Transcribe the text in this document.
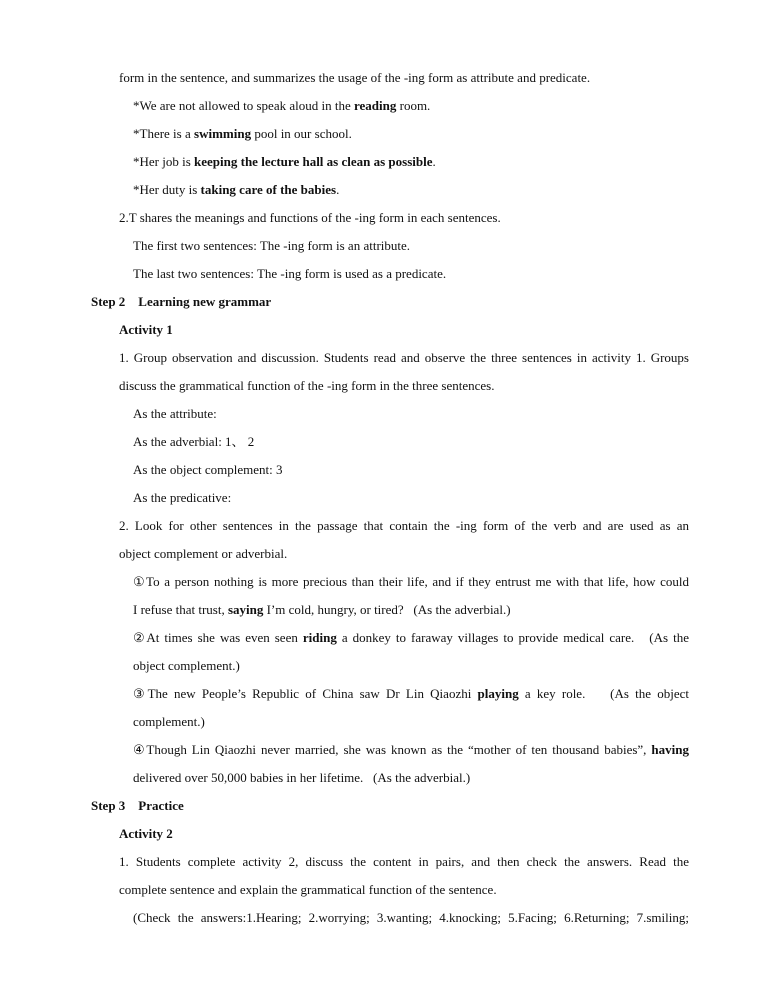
form in the sentence, and summarizes the usage of the -ing form as attribute and predicate.
*We are not allowed to speak aloud in the reading room.
*There is a swimming pool in our school.
*Her job is keeping the lecture hall as clean as possible.
*Her duty is taking care of the babies.
2.T shares the meanings and functions of the -ing form in each sentences.
The first two sentences: The -ing form is an attribute.
The last two sentences: The -ing form is used as a predicate.
Step 2    Learning new grammar
Activity 1
1. Group observation and discussion. Students read and observe the three sentences in activity 1. Groups
discuss the grammatical function of the -ing form in the three sentences.
As the attribute:
As the adverbial: 1、 2
As the object complement: 3
As the predicative:
2. Look for other sentences in the passage that contain the -ing form of the verb and are used as an
object complement or adverbial.
①To a person nothing is more precious than their life, and if they entrust me with that life, how could
I refuse that trust, saying I’m cold, hungry, or tired?   (As the adverbial.)
②At times she was even seen riding a donkey to faraway villages to provide medical care.   (As the
object complement.)
③The new People’s Republic of China saw Dr Lin Qiaozhi playing a key role.    (As the object
complement.)
④Though Lin Qiaozhi never married, she was known as the “mother of ten thousand babies”, having
delivered over 50,000 babies in her lifetime.   (As the adverbial.)
Step 3    Practice
Activity 2
1. Students complete activity 2, discuss the content in pairs, and then check the answers. Read the
complete sentence and explain the grammatical function of the sentence.
(Check the answers:1.Hearing; 2.worrying; 3.wanting; 4.knocking; 5.Facing; 6.Returning; 7.smiling;
